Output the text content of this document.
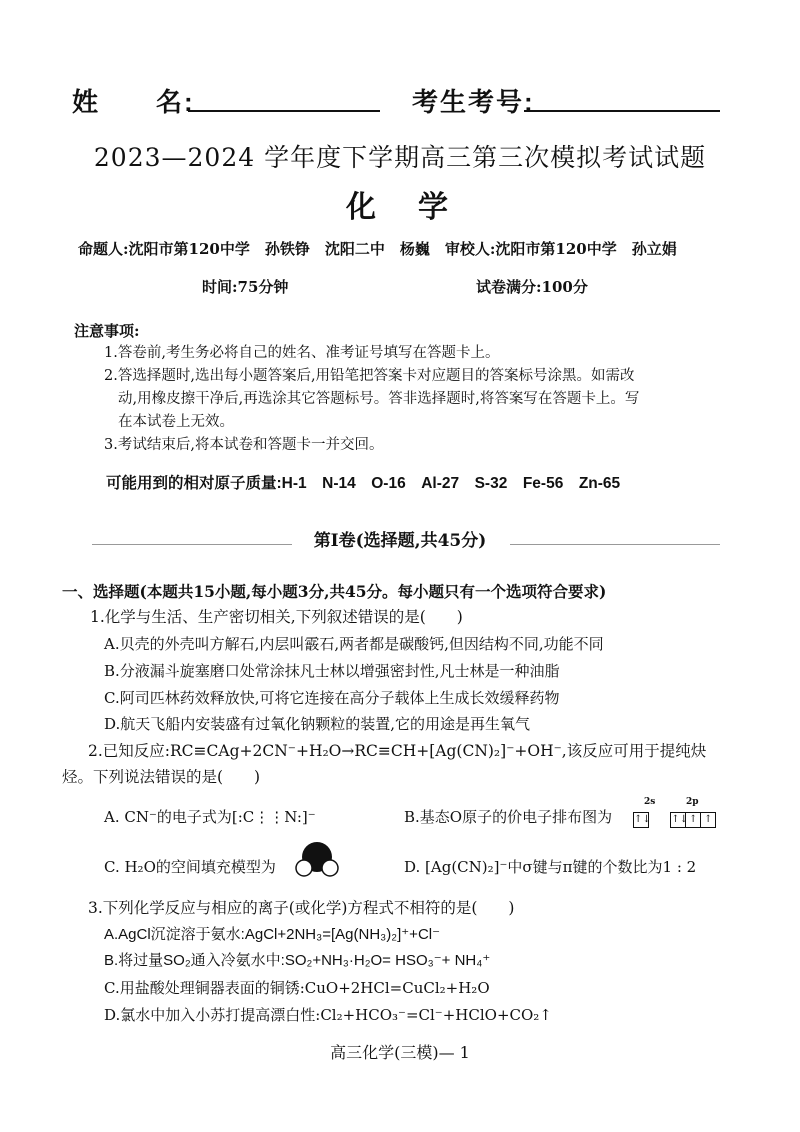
姓　　名:	考生考号:
2023—2024 学年度下学期高三第三次模拟考试试题
化　学
命题人:沈阳市第120中学　孙铁铮　沈阳二中　杨巍　审校人:沈阳市第120中学　孙立娟
时间:75分钟	试卷满分:100分
注意事项:
1.答卷前,考生务必将自己的姓名、准考证号填写在答题卡上。
2.答选择题时,选出每小题答案后,用铅笔把答案卡对应题目的答案标号涂黑。如需改
动,用橡皮擦干净后,再选涂其它答题标号。答非选择题时,将答案写在答题卡上。写
在本试卷上无效。
3.考试结束后,将本试卷和答题卡一并交回。
可能用到的相对原子质量:H-1　N-14　O-16　Al-27　S-32　Fe-56　Zn-65
第Ⅰ卷(选择题,共45分)
一、选择题(本题共15小题,每小题3分,共45分。每小题只有一个选项符合要求)
1.化学与生活、生产密切相关,下列叙述错误的是(　　)
A.贝壳的外壳叫方解石,内层叫霰石,两者都是碳酸钙,但因结构不同,功能不同
B.分液漏斗旋塞磨口处常涂抹凡士林以增强密封性,凡士林是一种油脂
C.阿司匹林药效释放快,可将它连接在高分子载体上生成长效缓释药物
D.航天飞船内安装盛有过氧化钠颗粒的装置,它的用途是再生氧气
2.已知反应:RC≡CAg+2CN⁻+H₂O→RC≡CH+[Ag(CN)₂]⁻+OH⁻,该反应可用于提纯炔
烃。下列说法错误的是(　　)
A. CN⁻的电子式为[:C⋮⋮N:]⁻	B.基态O原子的价电子排布图为
2s	2p
↑↓ ↑↓↑ ↑
C. H₂O的空间填充模型为	D. [Ag(CN)₂]⁻中σ键与π键的个数比为1 : 2
3.下列化学反应与相应的离子(或化学)方程式不相符的是(　　)
A.AgCl沉淀溶于氨水:AgCl+2NH₃=[Ag(NH₃)₂]⁺+Cl⁻
B.将过量SO₂通入冷氨水中:SO₂+NH₃·H₂O= HSO₃⁻+ NH₄⁺
C.用盐酸处理铜器表面的铜锈:CuO+2HCl=CuCl₂+H₂O
D.氯水中加入小苏打提高漂白性:Cl₂+HCO₃⁻=Cl⁻+HClO+CO₂↑
高三化学(三模)— 1
